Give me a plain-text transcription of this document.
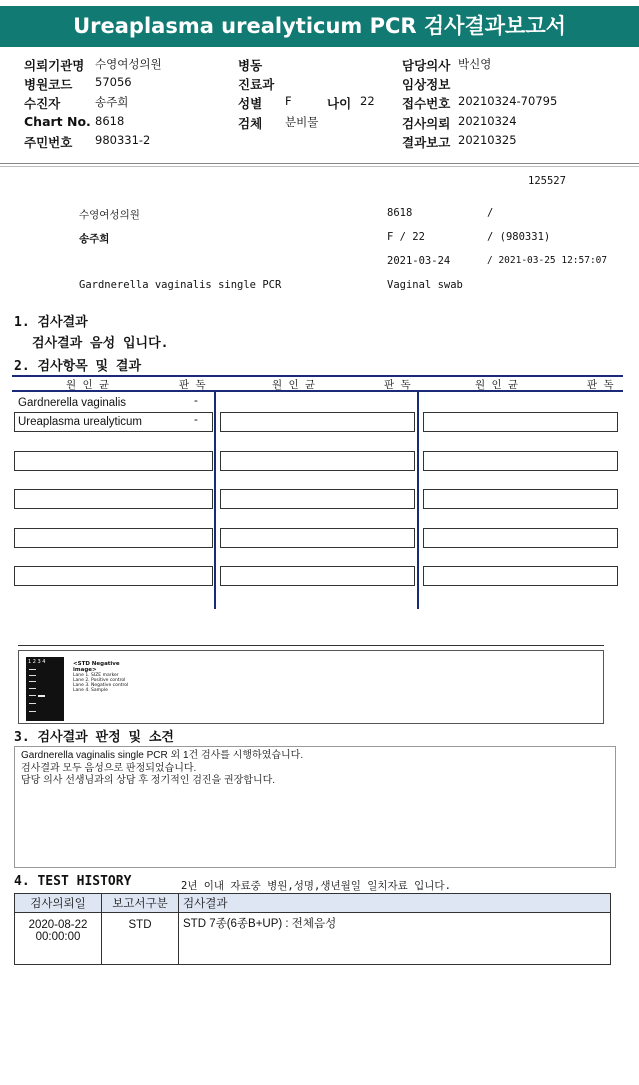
Ureaplasma urealyticum PCR 검사결과보고서
의뢰기관명 수영여성의원	병동	담당의사 박신영
병원코드 57056	진료과	임상정보
수진자	송주희	성별 F	나이 22 접수번호 20210324-70795
Chart No. 8618	검체 분비물	검사의뢰 20210324
주민번호 980331-2	결과보고 20210325
125527
수영여성의원	8618	/
송주희	F / 22	/ (980331)
2021-03-24	/ 2021-03-25 12:57:07
Gardnerella vaginalis single PCR	Vaginal swab
1. 검사결과
검사결과 음성 입니다.
2. 검사항목 및 결과
원 인 균	판 독	원 인 균	판 독	원 인 균	판 독
Gardnerella vaginalis	-
Ureaplasma urealyticum	-
1 2 3 4	<STD Negative image>
Lane 1. SIZE marker
Lane 2. Positive control
Lane 3. Negative control
Lane 4. Sample
3. 검사결과 판정 및 소견
Gardnerella vaginalis single PCR 외 1건 검사를 시행하였습니다.
검사결과 모두 음성으로 판정되었습니다.
담당 의사 선생님과의 상담 후 정기적인 검진을 권장합니다.
4. TEST HISTORY	2년 이내 자료중 병원,성명,생년월일 일치자료 입니다.
검사의뢰일	보고서구분	검사결과

2020-08-22
00:00:00	STD	STD 7종(6종B+UP) : 전체음성
